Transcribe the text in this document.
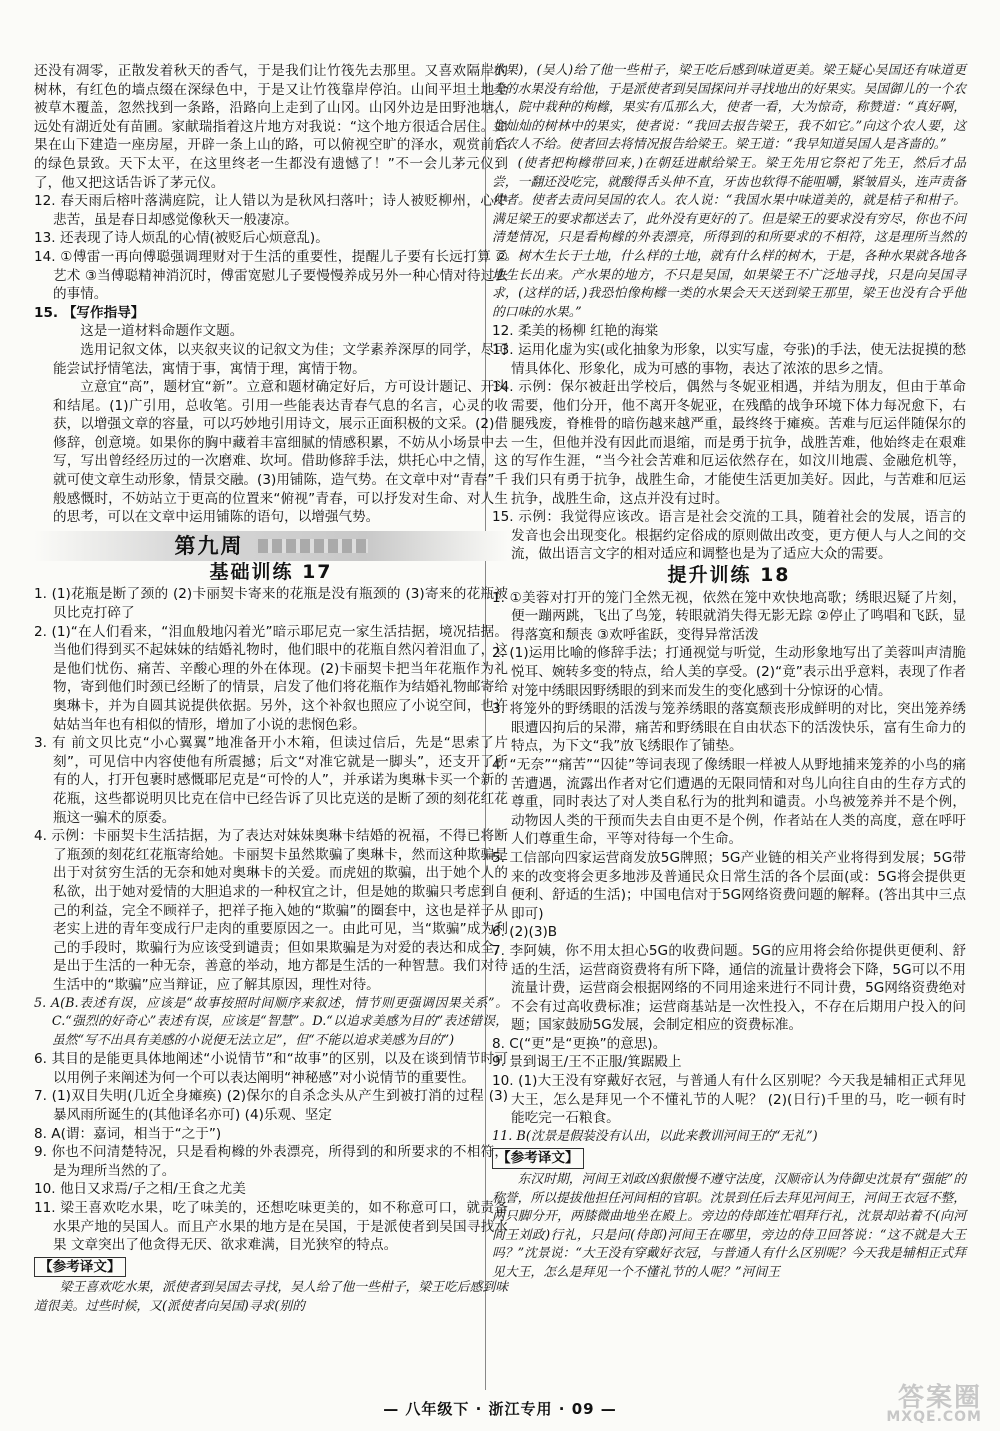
还没有凋零，正散发着秋天的香气，于是我们让竹筏先去那里。又喜欢隔岸的树林，有红色的墙点缀在深绿色中，于是又让竹筏靠岸停泊。山间平坦土地全被草木覆盖，忽然找到一条路，沿路向上走到了山冈。山冈外边是田野池塘，远处有湖近处有苗圃。家献瑞指着这片地方对我说：“这个地方很适合居住。如果在山下建造一座房屋，开辟一条上山的路，可以俯视空旷的泽水，观赏前后的绿色景致。天下太平，在这里终老一生都没有遗憾了！”不一会儿茅元仪到了，他又把这话告诉了茅元仪。

12. 春天雨后榕叶落满庭院，让人错以为是秋风扫落叶；诗人被贬柳州，心中悲苦，虽是春日却感觉像秋天一般凄凉。

13. 还表现了诗人烦乱的心情(被贬后心烦意乱)。

14. ①傅雷一再向傅聪强调理财对于生活的重要性，提醒儿子要有长远打算 ②艺术 ③当傅聪精神消沉时，傅雷宽慰儿子要慢慢养成另外一种心情对待过去的事情。

15. 【写作指导】

这是一道材料命题作文题。

选用记叙文体，以夹叙夹议的记叙文为佳；文学素养深厚的同学，尽可能尝试抒情笔法，寓情于事，寓情于理，寓情于物。

立意宜“高”，题材宜“新”。立意和题材确定好后，方可设计题记、开头和结尾。(1)广引用，总收笔。引用一些能表达青春气息的名言，心灵的收获，以增强文章的容量，可以巧妙地引用诗文，展示正面积极的文采。(2)借修辞，创意境。如果你的胸中藏着丰富细腻的情感积累，不妨从小场景中去写，写出曾经经历过的一次磨难、坎坷。借助修辞手法，烘托心中之情，这就可使文章生动形象，情景交融。(3)用铺陈，造气势。在文章中对“青春”千般感慨时，不妨站立于更高的位置来“俯视”青春，可以抒发对生命、对人生的思考，可以在文章中运用铺陈的语句，以增强气势。

第九周
基础训练 17

1. (1)花瓶是断了颈的 (2)卡丽契卡寄来的花瓶是没有瓶颈的 (3)寄来的花瓶被贝比克打碎了

2. (1)“在人们看来，“泪血般地闪着光”暗示耶尼克一家生活拮据，境况拮据。当他们得到买不起妹妹的结婚礼物时，他们眼中的花瓶自然闪着泪血了，这是他们忧伤、痛苦、辛酸心理的外在体现。(2)卡丽契卡把当年花瓶作为礼物，寄到他们时颈已经断了的情景，启发了他们将花瓶作为结婚礼物邮寄给奥琳卡，并为自圆其说提供依据。另外，这个补叙也照应了小说空间，也许姑姑当年也有相似的情形，增加了小说的悲悯色彩。

3. 有 前文贝比克“小心翼翼”地准备开小木箱，但读过信后，先是“思索了片刻”，可见信中内容使他有所震撼；后文“对准它就是一脚头”，还支开了所有的人，打开包裹时感慨耶尼克是“可怜的人”，并承诺为奥琳卡买一个新的花瓶，这些都说明贝比克在信中已经告诉了贝比克送的是断了颈的刻花红花瓶这一骗术的原委。

4. 示例：卡丽契卡生活拮据，为了表达对妹妹奥琳卡结婚的祝福，不得已将断了瓶颈的刻花红花瓶寄给她。卡丽契卡虽然欺骗了奥琳卡，然而这种欺骗是出于对贫穷生活的无奈和她对奥琳卡的关爱。而虎妞的欺骗，出于她个人的私欲，出于她对爱情的大胆追求的一种权宜之计，但是她的欺骗只考虑到自己的利益，完全不顾祥子，把祥子拖入她的“欺骗”的圈套中，这也是祥子从老实上进的青年变成行尸走肉的重要原因之一。由此可见，当“欺骗”成为利己的手段时，欺骗行为应该受到谴责；但如果欺骗是为对爱的表达和成全，是出于生活的一种无奈，善意的举动，地方都是生活的一种智慧。我们对待生活中的“欺骗”应当辩证，应了解其原因，理性对待。

5. A(B.表述有误，应该是“故事按照时间顺序来叙述，情节则更强调因果关系”。C.“强烈的好奇心”表述有误，应该是“智慧”。D.“以追求美感为目的”表述错误，虽然“写不出具有美感的小说便无法立足”，但“不能以追求美感为目的”)

6. 其目的是能更具体地阐述“小说情节”和“故事”的区别，以及在谈到情节时可以用例子来阐述为何一个可以表达阐明“神秘感”对小说情节的重要性。

7. (1)双目失明(几近全身瘫痪) (2)保尔的自杀念头从产生到被打消的过程 (3)暴风雨所诞生的(其他译名亦可) (4)乐观、坚定

8. A(谓：嘉词，相当于“之于”)

9. 你也不问清楚特况，只是看枸橼的外表漂亮，所得到的和所要求的不相符，是为理所当然的了。

10. 他日又求焉/子之相/王食之尤美

11. 梁王喜欢吃水果，吃了味美的，还想吃味更美的，如不称意可口，就责备水果产地的吴国人。而且产水果的地方是在吴国，于是派使者到吴国寻找水果 文章突出了他贪得无厌、欲求难满，目光狭窄的特点。

【参考译文】

梁王喜欢吃水果，派使者到吴国去寻找，吴人给了他一些柑子，梁王吃后感到味道很美。过些时候，又(派使者向吴国)寻求(别的

水果)，(吴人)给了他一些柑子，梁王吃后感到味道更美。梁王疑心吴国还有味道更美的水果没有给他，于是派使者到吴国探问并寻找地出的好果实。吴国御儿的一个农人，院中栽种的枸橼，果实有瓜那么大，使者一看，大为惊奇，称赞道：“真好啊，金灿灿的树林中的果实，使者说：“我回去报告梁王，我不如它。”向这个农人要，这个农人不给。使者回去将情况报告给梁王。梁王道：“我早知道吴国人是吝啬的。”

(使者把枸橼带回来，)在朝廷进献给梁王。梁王先用它祭祀了先王，然后才品尝，一翻还没吃完，就酸得舌头伸不直，牙齿也软得不能咀嚼，紧皱眉头，连声责备使者。使者去责问吴国的农人。农人说：“我国水果中味道美的，就是桔子和柑子。满足梁王的要求都送去了，此外没有更好的了。但是梁王的要求没有穷尽，你也不问清楚情况，只是看枸橼的外表漂亮，所得到的和所要求的不相符，这是理所当然的了。树木生长于土地，什么样的土地，就有什么样的树木，于是，各种水果就各地各地生长出来。产水果的地方，不只是吴国，如果梁王不广泛地寻找，只是向吴国寻求，(这样的话，)我恐怕像枸橼一类的水果会天天送到梁王那里，梁王也没有合乎他的口味的水果。”

12. 柔美的杨柳 红艳的海棠

13. 运用化虚为实(或化抽象为形象，以实写虚，夸张)的手法，使无法捉摸的愁情具体化、形象化，成为可感的事物，表达了浓浓的思乡之情。

14. 示例：保尔被赶出学校后，偶然与冬妮亚相遇，并结为朋友，但由于革命需要，他们分开，他不离开冬妮亚，在残酷的战争环境下体力每况愈下，右腿残废，脊椎骨的暗伤越来越严重，最终终于瘫痪。苦难与厄运伴随保尔的一生，但他并没有因此而退缩，而是勇于抗争，战胜苦难，他始终走在艰难的写作生涯，“当今社会苦难和厄运依然存在，如汶川地震、金融危机等，我们只有勇于抗争，战胜生命，才能使生活更加美好。因此，与苦难和厄运抗争，战胜生命，这点并没有过时。

15. 示例：我觉得应该改。语言是社会交流的工具，随着社会的发展，语言的发音也会出现变化。根据约定俗成的原则做出改变，更方便人与人之间的交流，做出语言文字的相对适应和调整也是为了适应大众的需要。

提升训练 18

1. ①美蓉对打开的笼门全然无视，依然在笼中欢快地高歌；绣眼迟疑了片刻，便一蹦两跳，飞出了鸟笼，转眼就消失得无影无踪 ②停止了鸣唱和飞跃，显得落寞和颓丧 ③欢呼雀跃，变得异常活泼

2. (1)运用比喻的修辞手法；打通视觉与听觉，生动形象地写出了美蓉叫声清脆悦耳、婉转多变的特点，给人美的享受。(2)“竟”表示出乎意料，表现了作者对笼中绣眼因野绣眼的到来而发生的变化感到十分惊讶的心情。

3. 将笼外的野绣眼的活泼与笼养绣眼的落寞颓丧形成鲜明的对比，突出笼养绣眼遭囚拘后的呆滞，痛苦和野绣眼在自由状态下的活泼快乐，富有生命力的特点，为下文“我”放飞绣眼作了铺垫。

4. “无奈”“痛苦”“囚徒”等词表现了像绣眼一样被人从野地捕来笼养的小鸟的痛苦遭遇，流露出作者对它们遭遇的无限同情和对鸟儿向往自由的生存方式的尊重，同时表达了对人类自私行为的批判和谴责。小鸟被笼养并不是个例，动物因人类的干预而失去自由更不是个例，作者站在人类的高度，意在呼吁人们尊重生命，平等对待每一个生命。

5. 工信部向四家运营商发放5G牌照；5G产业链的相关产业将得到发展；5G带来的改变将会更多地涉及普通民众日常生活的各个层面(或：5G将会提供更便利、舒适的生活)；中国电信对于5G网络资费问题的解释。(答出其中三点即可)

6. (2)(3)B

7. 李阿姨，你不用太担心5G的收费问题。5G的应用将会给你提供更便利、舒适的生活，运营商资费将有所下降，通信的流量计费将会下降，5G可以不用流量计费，运营商会根据网络的不同用途来进行不同计费，5G网络资费绝对不会有过高收费标准；运营商基站是一次性投入，不存在后期用户投入的问题；国家鼓励5G发展，会制定相应的资费标准。

8. C(“更”是“更换”的意思)。

9. 景到谒王/王不正服/箕踞殿上

10. (1)大王没有穿戴好衣冠，与普通人有什么区别呢？今天我是辅相正式拜见大王，怎么是拜见一个不懂礼节的人呢？ (2)(日行)千里的马，吃一顿有时能吃完一石粮食。

11. B(沈景是假装没有认出，以此来教训河间王的“无礼”)

【参考译文】

东汉时期，河间王刘政凶狠傲慢不遵守法度，汉顺帝认为侍御史沈景有“强能”的称誉，所以提拔他担任河间相的官职。沈景到任后去拜见河间王，河间王衣冠不整，两只脚分开，两膝微曲地坐在殿上。旁边的侍郎连忙唱拜行礼，沈景却站着不(向河间王刘政)行礼，只是问(侍郎)河间王在哪里，旁边的侍卫回答说：“这不就是大王吗？”沈景说：“大王没有穿戴好衣冠，与普通人有什么区别呢？今天我是辅相正式拜见大王，怎么是拜见一个不懂礼节的人呢？”河间王

— 八年级下 · 浙江专用 · 09 —	答案圈
MXQE.COM
